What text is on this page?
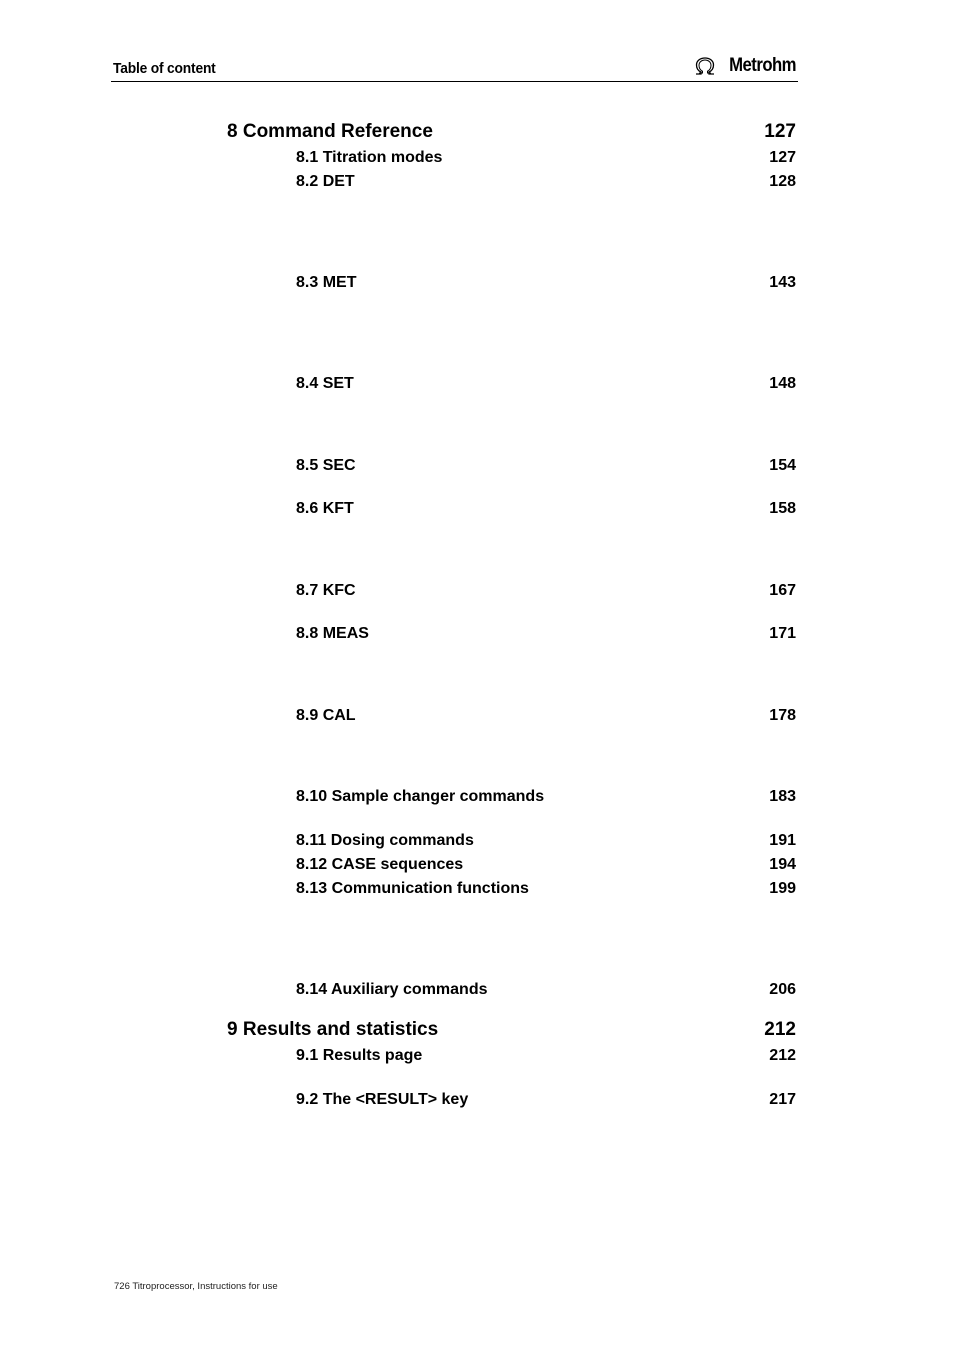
Table of content	Metrohm
8 Command Reference	127
8.1 Titration modes	127
8.2 DET	128
8.3 MET	143
8.4 SET	148
8.5 SEC	154
8.6 KFT	158
8.7 KFC	167
8.8 MEAS	171
8.9 CAL	178
8.10 Sample changer commands	183
8.11 Dosing commands	191
8.12 CASE sequences	194
8.13 Communication functions	199
8.14 Auxiliary commands	206
9 Results and statistics	212
9.1 Results page	212
9.2 The <RESULT> key	217
726 Titroprocessor, Instructions for use
